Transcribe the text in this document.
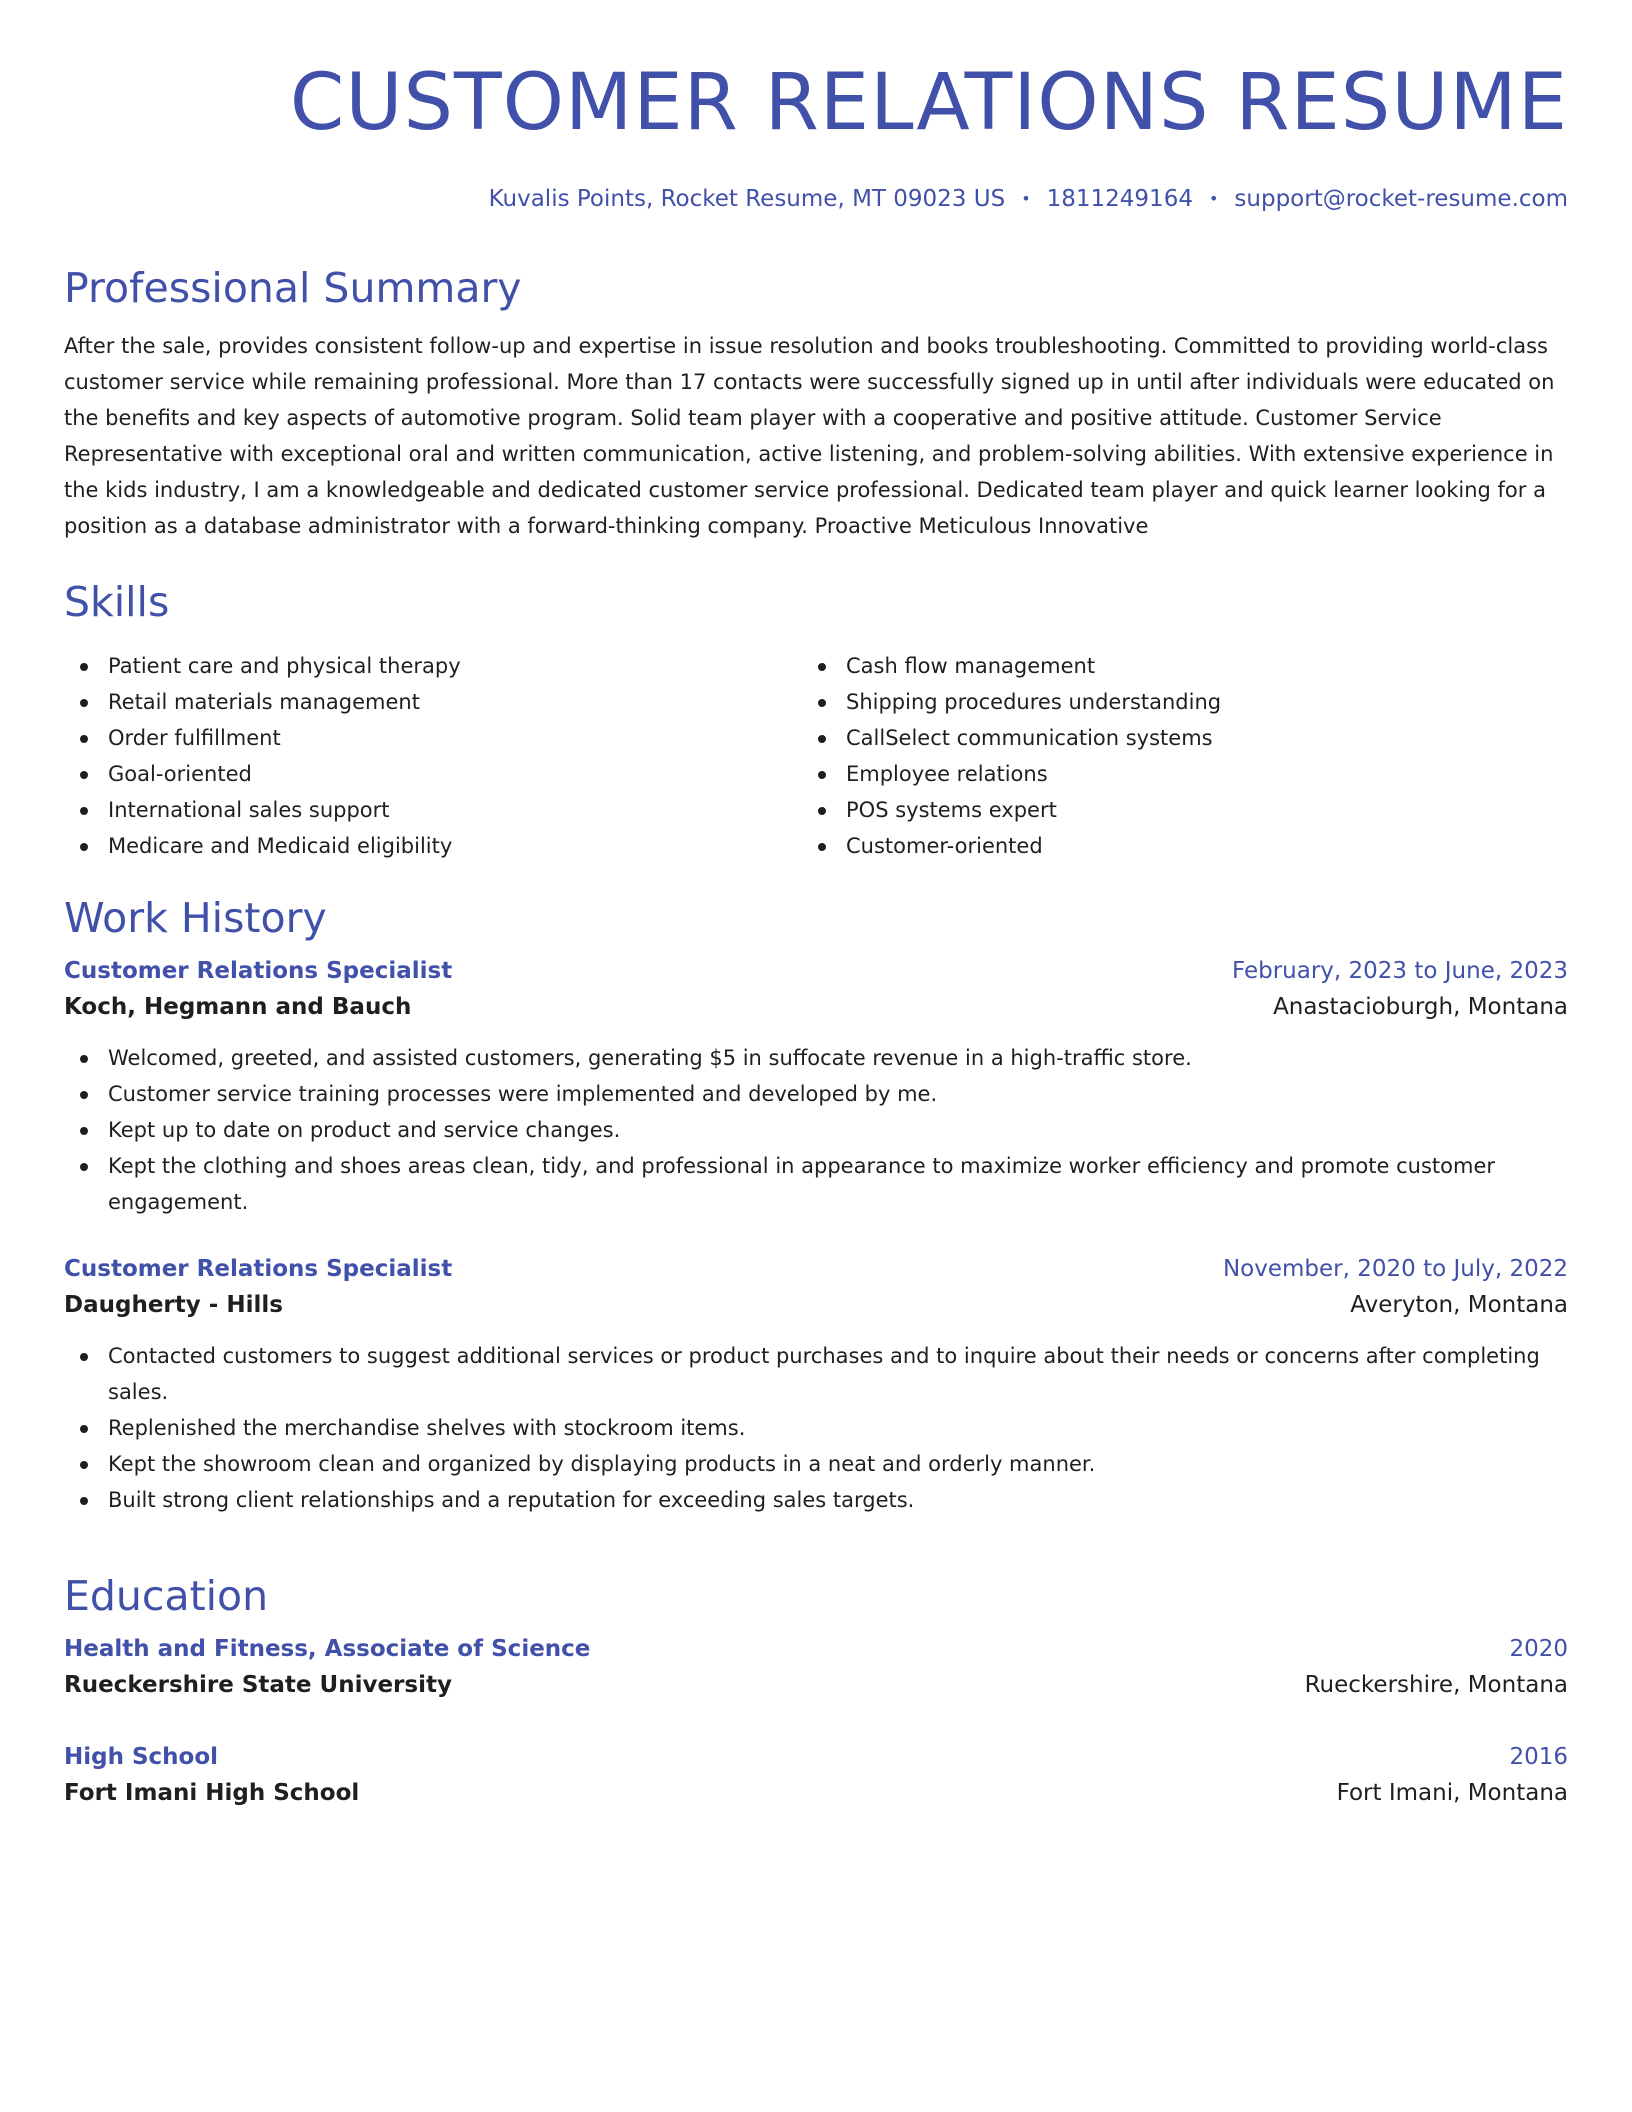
CUSTOMER RELATIONS RESUME
Kuvalis Points, Rocket Resume, MT 09023 US • 1811249164 • support@rocket-resume.com
Professional Summary

After the sale, provides consistent follow-up and expertise in issue resolution and books troubleshooting. Committed to providing world-class customer service while remaining professional. More than 17 contacts were successfully signed up in until after individuals were educated on the benefits and key aspects of automotive program. Solid team player with a cooperative and positive attitude. Customer Service Representative with exceptional oral and written communication, active listening, and problem-solving abilities. With extensive experience in the kids industry, I am a knowledgeable and dedicated customer service professional. Dedicated team player and quick learner looking for a position as a database administrator with a forward-thinking company. Proactive Meticulous Innovative

Skills
Patient care and physical therapy
Retail materials management
Order fulfillment
Goal-oriented
International sales support
Medicare and Medicaid eligibility
Cash flow management
Shipping procedures understanding
CallSelect communication systems
Employee relations
POS systems expert
Customer-oriented
Work History
Customer Relations Specialist	February, 2023 to June, 2023
Koch, Hegmann and Bauch	Anastacioburgh, Montana
Welcomed, greeted, and assisted customers, generating $5 in suffocate revenue in a high-traffic store.
Customer service training processes were implemented and developed by me.
Kept up to date on product and service changes.
Kept the clothing and shoes areas clean, tidy, and professional in appearance to maximize worker efficiency and promote customer engagement.
Customer Relations Specialist	November, 2020 to July, 2022
Daugherty - Hills	Averyton, Montana
Contacted customers to suggest additional services or product purchases and to inquire about their needs or concerns after completing sales.
Replenished the merchandise shelves with stockroom items.
Kept the showroom clean and organized by displaying products in a neat and orderly manner.
Built strong client relationships and a reputation for exceeding sales targets.
Education
Health and Fitness, Associate of Science	2020
Rueckershire State University	Rueckershire, Montana
High School	2016
Fort Imani High School	Fort Imani, Montana
